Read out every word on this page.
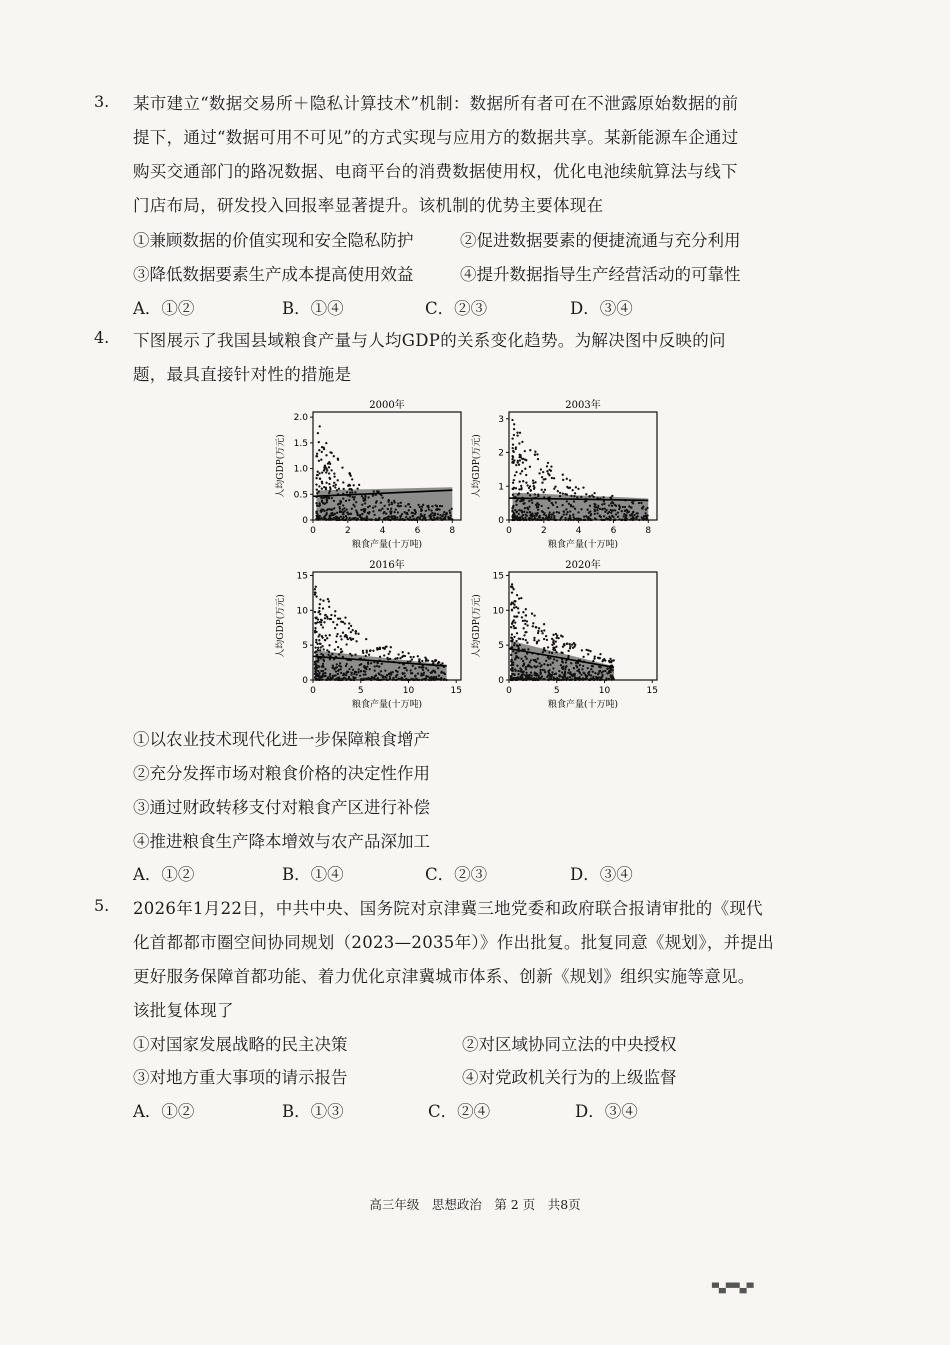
3. 某市建立“数据交易所＋隐私计算技术”机制：数据所有者可在不泄露原始数据的前
提下，通过“数据可用不可见”的方式实现与应用方的数据共享。某新能源车企通过
购买交通部门的路况数据、电商平台的消费数据使用权，优化电池续航算法与线下
门店布局，研发投入回报率显著提升。该机制的优势主要体现在
①兼顾数据的价值实现和安全隐私防护	②促进数据要素的便捷流通与充分利用
③降低数据要素生产成本提高使用效益	④提升数据指导生产经营活动的可靠性
A．①②	B．①④	C．②③	D．③④
4. 下图展示了我国县域粮食产量与人均GDP的关系变化趋势。为解决图中反映的问
题，最具直接针对性的措施是
2000年
0	2	4	6	8
0
0.5
1.0
1.5
2.0
粮食产量(十万吨)
人均GDP(万元)
2003年
0	2	4	6	8
0
1
2
3
粮食产量(十万吨)
人均GDP(万元)
2016年
0	5	10	15
0
5
10
15
粮食产量(十万吨)
人均GDP(万元)
2020年
0	5	10	15
0
5
10
15
粮食产量(十万吨)
人均GDP(万元)
①以农业技术现代化进一步保障粮食增产
②充分发挥市场对粮食价格的决定性作用
③通过财政转移支付对粮食产区进行补偿
④推进粮食生产降本增效与农产品深加工
A．①②	B．①④	C．②③	D．③④
5. 2026年1月22日，中共中央、国务院对京津冀三地党委和政府联合报请审批的《现代
化首都都市圈空间协同规划（2023—2035年）》作出批复。批复同意《规划》，并提出
更好服务保障首都功能、着力优化京津冀城市体系、创新《规划》组织实施等意见。
该批复体现了
①对国家发展战略的民主决策	②对区域协同立法的中央授权
③对地方重大事项的请示报告	④对党政机关行为的上级监督
A．①②	B．①③	C．②④	D．③④
高三年级　思想政治　第 2 页　共8页
▀▄▀▀▄▀
